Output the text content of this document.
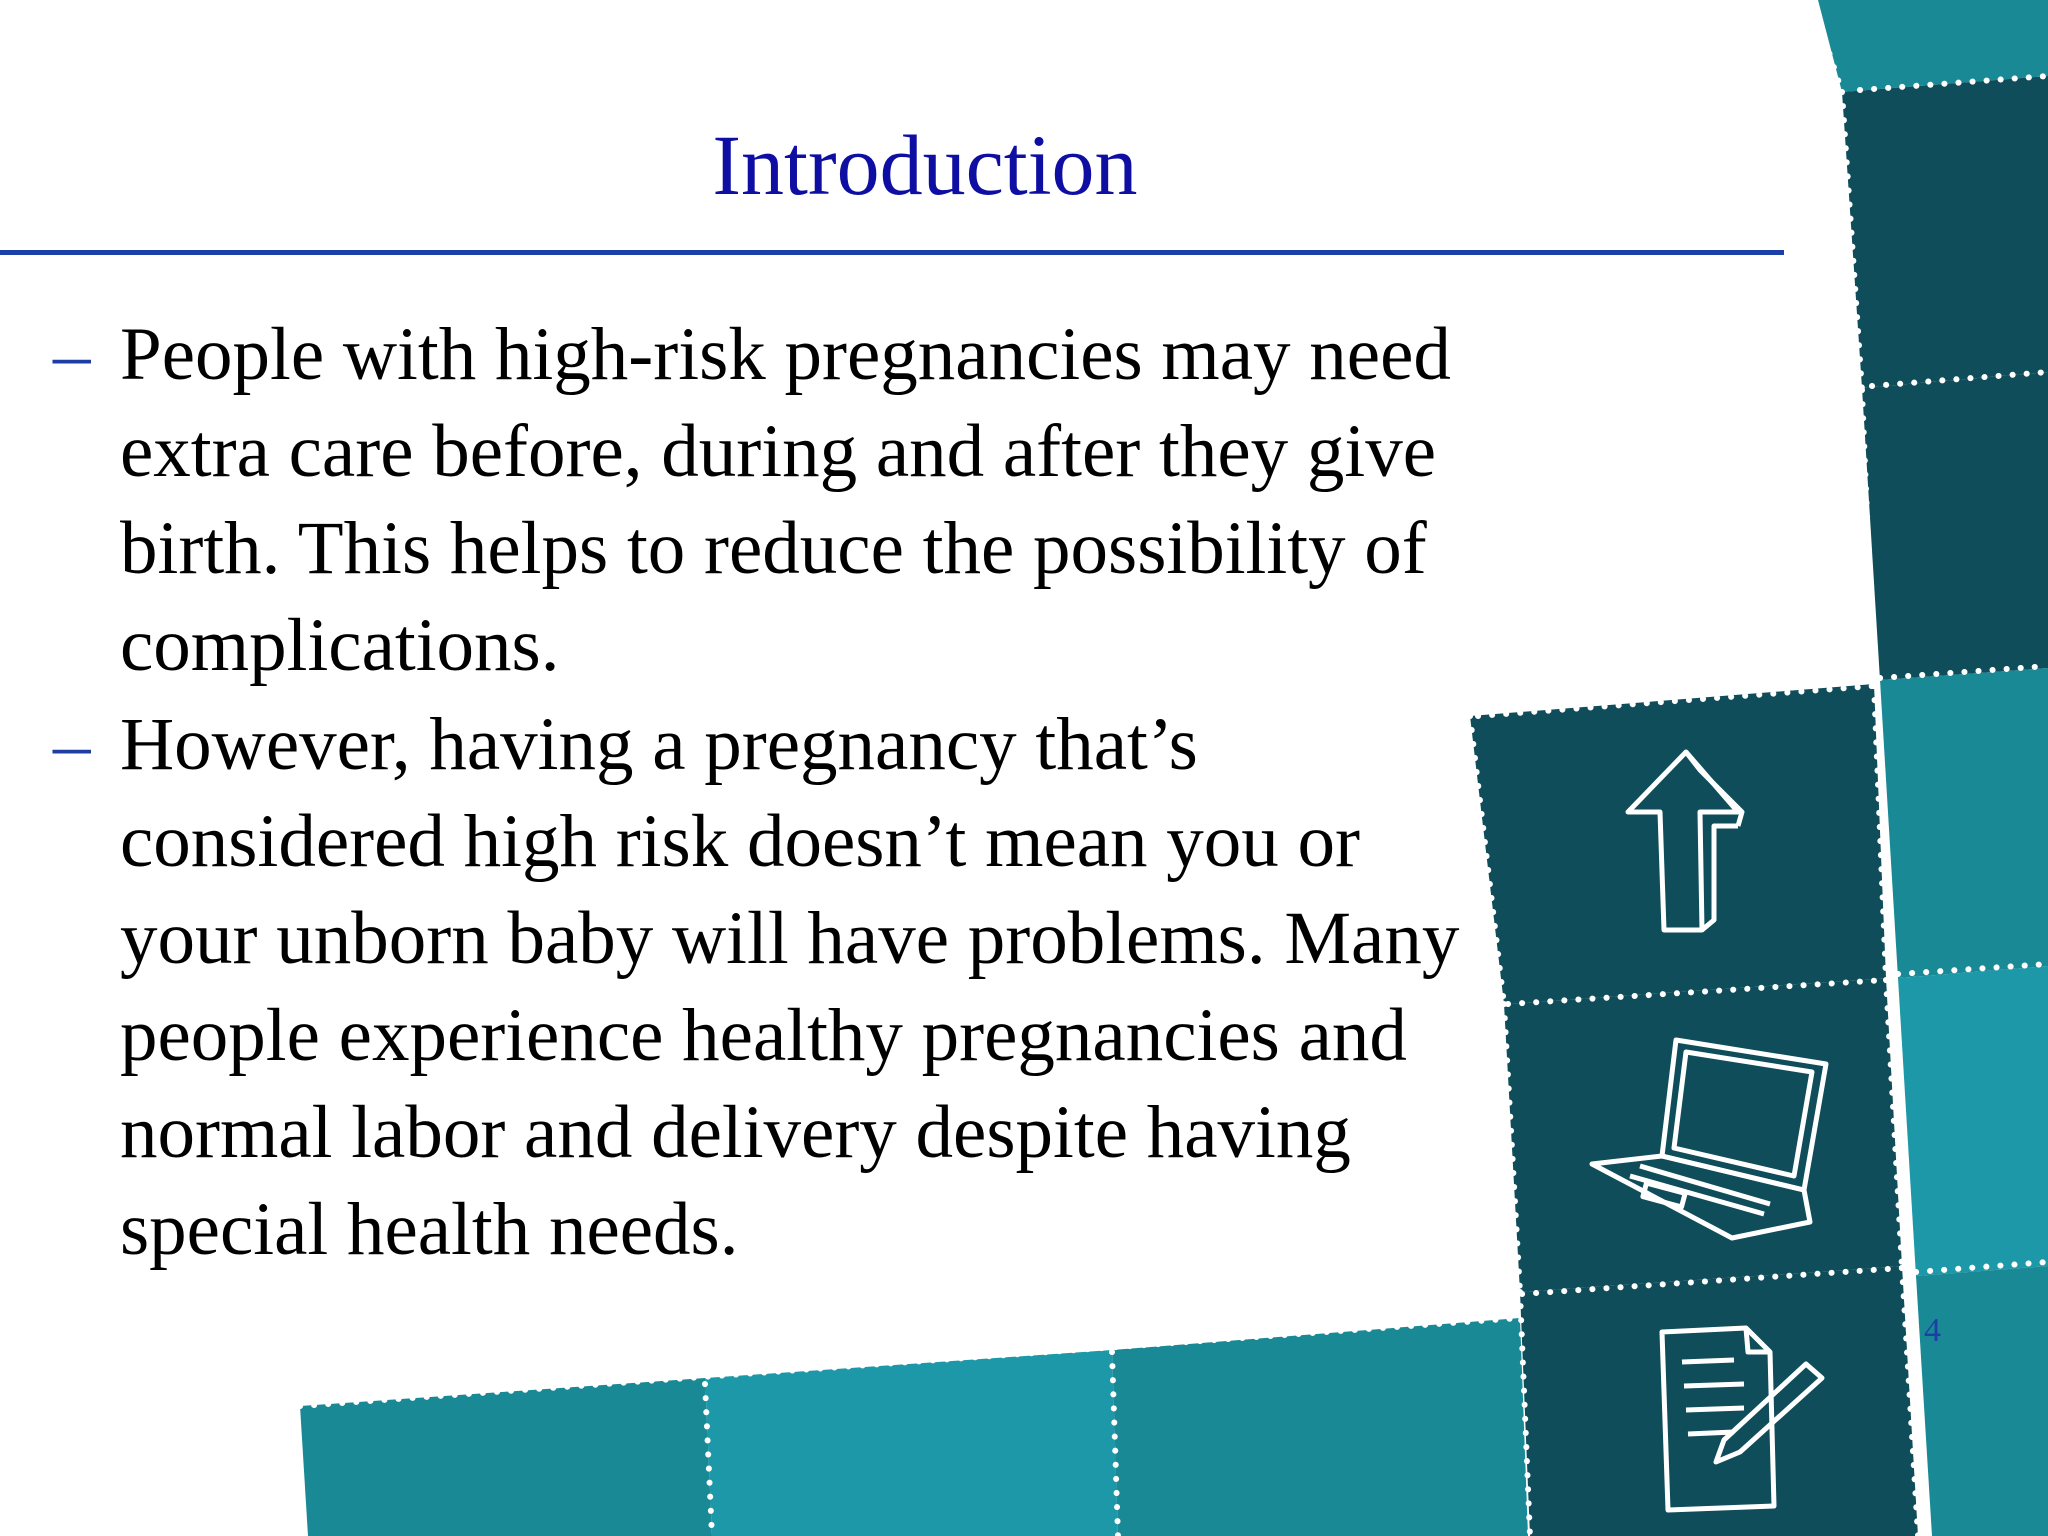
Introduction
– People with high-risk pregnancies may need extra care before, during and after they give birth. This helps to reduce the possibility of complications.
– However, having a pregnancy that’s considered high risk doesn’t mean you or your unborn baby will have problems. Many people experience healthy pregnancies and normal labor and delivery despite having special health needs.
4
